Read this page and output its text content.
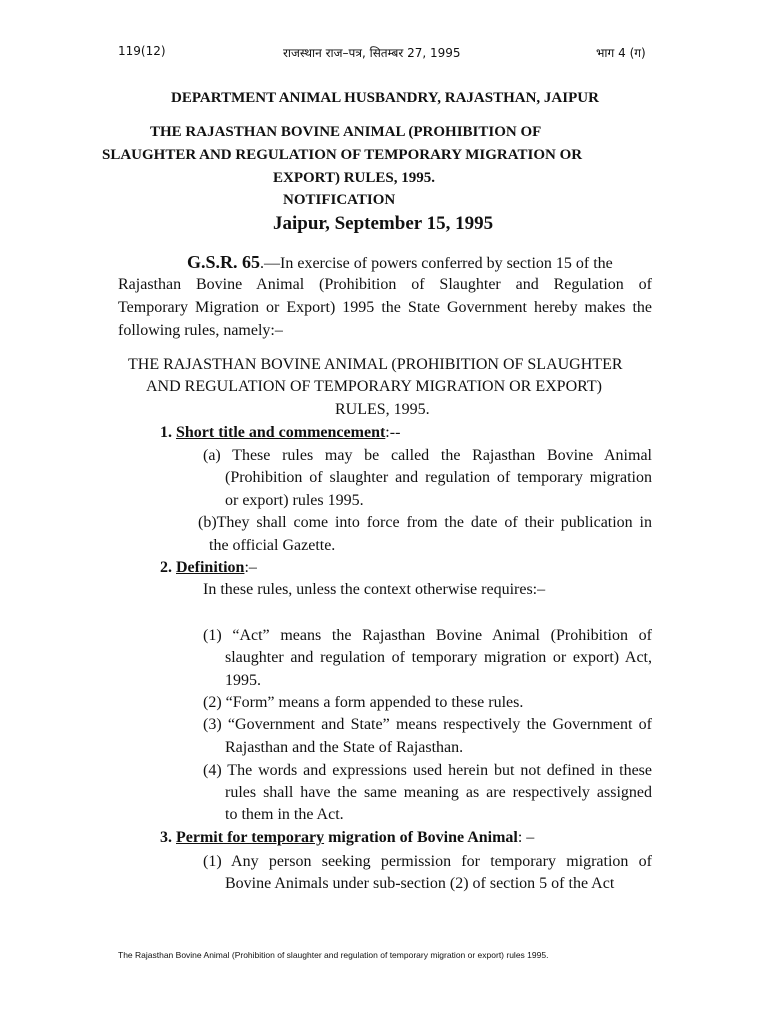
119(12)	राजस्थान राज–पत्र, सितम्बर 27, 1995	भाग 4 (ग)
DEPARTMENT ANIMAL HUSBANDRY, RAJASTHAN, JAIPUR
THE RAJASTHAN BOVINE ANIMAL (PROHIBITION OF
SLAUGHTER AND REGULATION OF TEMPORARY MIGRATION OR
EXPORT) RULES, 1995.
NOTIFICATION
Jaipur, September 15, 1995
G.S.R. 65.—In exercise of powers conferred by section 15 of the
Rajasthan Bovine Animal (Prohibition of Slaughter and Regulation of
Temporary Migration or Export) 1995 the State Government hereby makes the
following rules, namely:–
THE RAJASTHAN BOVINE ANIMAL (PROHIBITION OF SLAUGHTER
AND REGULATION OF TEMPORARY MIGRATION OR EXPORT)
RULES, 1995.
1. Short title and commencement:--
(a) These rules may be called the Rajasthan Bovine Animal
(Prohibition of slaughter and regulation of temporary migration
or export) rules 1995.
(b)They shall come into force from the date of their publication in
the official Gazette.
2. Definition:–
In these rules, unless the context otherwise requires:–
(1) “Act” means the Rajasthan Bovine Animal (Prohibition of
slaughter and regulation of temporary migration or export) Act,
1995.
(2) “Form” means a form appended to these rules.
(3) “Government and State” means respectively the Government of
Rajasthan and the State of Rajasthan.
(4) The words and expressions used herein but not defined in these
rules shall have the same meaning as are respectively assigned
to them in the Act.
3. Permit for temporary migration of Bovine Animal: –
(1) Any person seeking permission for temporary migration of
Bovine Animals under sub-section (2) of section 5 of the Act
The Rajasthan Bovine Animal (Prohibition of slaughter and regulation of temporary migration or export) rules 1995.
